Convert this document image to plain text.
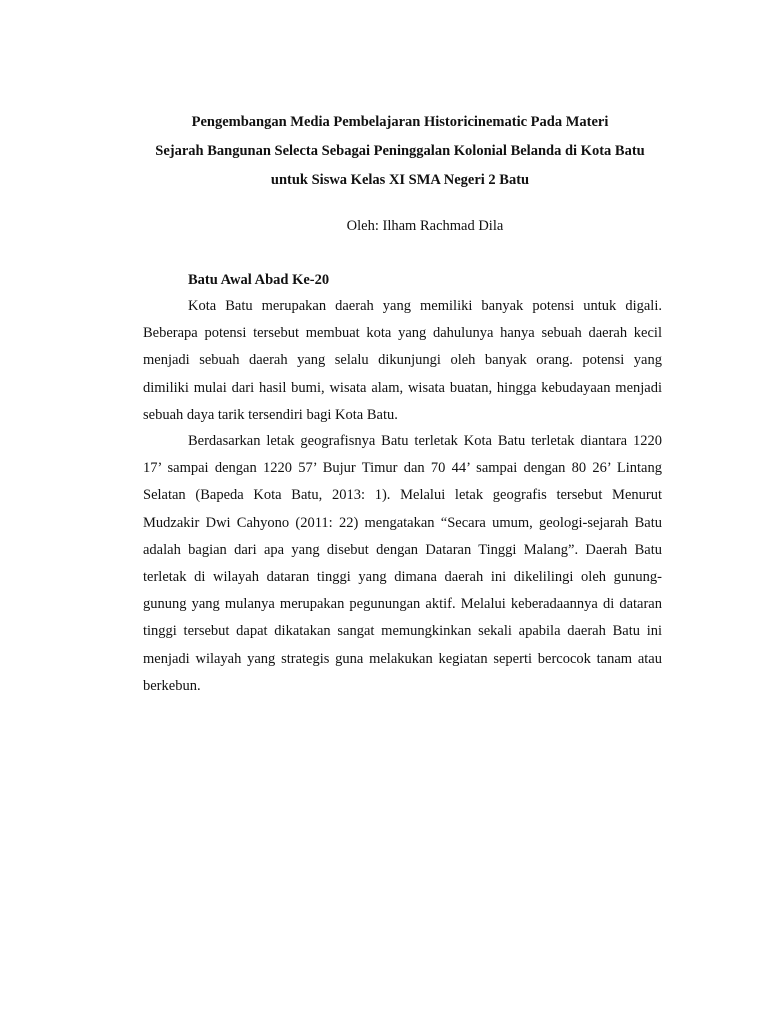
Pengembangan Media Pembelajaran Historicinematic Pada Materi
Sejarah Bangunan Selecta Sebagai Peninggalan Kolonial Belanda di Kota Batu
untuk Siswa Kelas XI SMA Negeri 2 Batu
Oleh: Ilham Rachmad Dila
Batu Awal Abad Ke-20
Kota Batu merupakan daerah yang memiliki banyak potensi untuk digali.
Beberapa potensi tersebut membuat kota yang dahulunya hanya sebuah daerah kecil
menjadi sebuah daerah yang selalu dikunjungi oleh banyak orang. potensi yang
dimiliki mulai dari hasil bumi, wisata alam, wisata buatan, hingga kebudayaan menjadi
sebuah daya tarik tersendiri bagi Kota Batu.
Berdasarkan letak geografisnya Batu terletak Kota Batu terletak diantara 1220
17’ sampai dengan 1220 57’ Bujur Timur dan 70 44’ sampai dengan 80 26’ Lintang
Selatan (Bapeda Kota Batu, 2013: 1). Melalui letak geografis tersebut Menurut
Mudzakir Dwi Cahyono (2011: 22) mengatakan “Secara umum, geologi-sejarah Batu
adalah bagian dari apa yang disebut dengan Dataran Tinggi Malang”. Daerah Batu
terletak di wilayah dataran tinggi yang dimana daerah ini dikelilingi oleh gunung-
gunung yang mulanya merupakan pegunungan aktif. Melalui keberadaannya di dataran
tinggi tersebut dapat dikatakan sangat memungkinkan sekali apabila daerah Batu ini
menjadi wilayah yang strategis guna melakukan kegiatan seperti bercocok tanam atau
berkebun.
